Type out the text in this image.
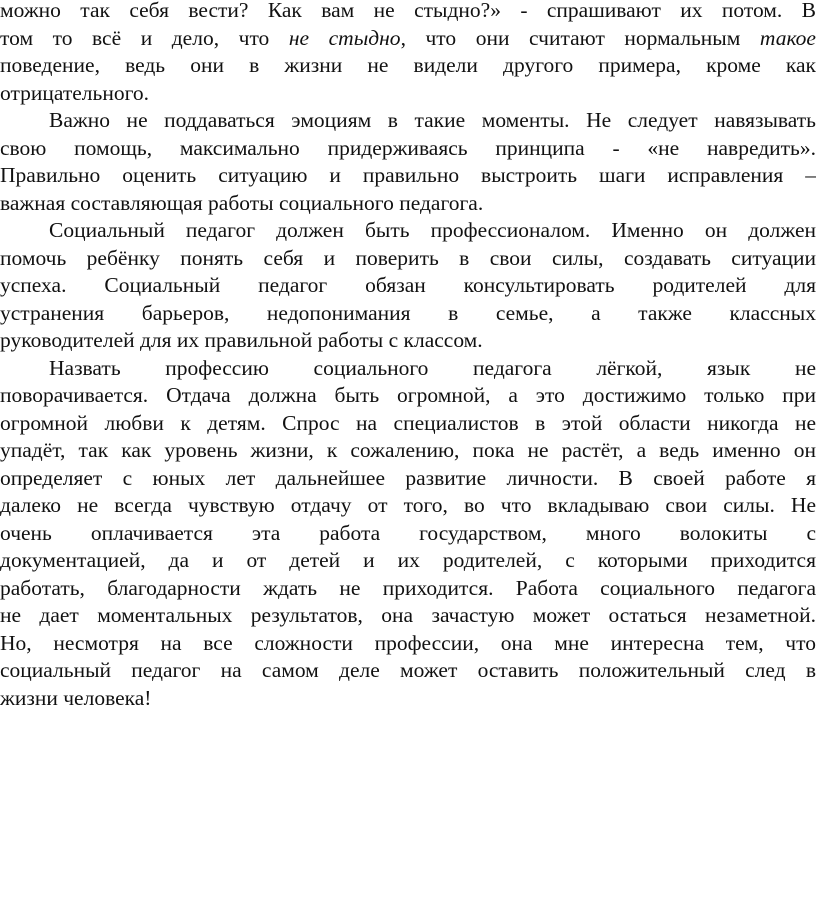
можно так себя вести? Как вам не стыдно?» - спрашивают их потом. В
том то всё и дело, что не стыдно, что они считают нормальным такое
поведение, ведь они в жизни не видели другого примера, кроме как
отрицательного.
Важно не поддаваться эмоциям в такие моменты. Не следует навязывать
свою помощь, максимально придерживаясь принципа - «не навредить».
Правильно оценить ситуацию и правильно выстроить шаги исправления –
важная составляющая работы социального педагога.
Социальный педагог должен быть профессионалом. Именно он должен
помочь ребёнку понять себя и поверить в свои силы, создавать ситуации
успеха. Социальный педагог обязан консультировать родителей для
устранения барьеров, недопонимания в семье, а также классных
руководителей для их правильной работы с классом.
Назвать профессию социального педагога лёгкой, язык не
поворачивается. Отдача должна быть огромной, а это достижимо только при
огромной любви к детям. Спрос на специалистов в этой области никогда не
упадёт, так как уровень жизни, к сожалению, пока не растёт, а ведь именно он
определяет с юных лет дальнейшее развитие личности. В своей работе я
далеко не всегда чувствую отдачу от того, во что вкладываю свои силы. Не
очень оплачивается эта работа государством, много волокиты с
документацией, да и от детей и их родителей, с которыми приходится
работать, благодарности ждать не приходится. Работа социального педагога
не дает моментальных результатов, она зачастую может остаться незаметной.
Но, несмотря на все сложности профессии, она мне интересна тем, что
социальный педагог на самом деле может оставить положительный след в
жизни человека!
